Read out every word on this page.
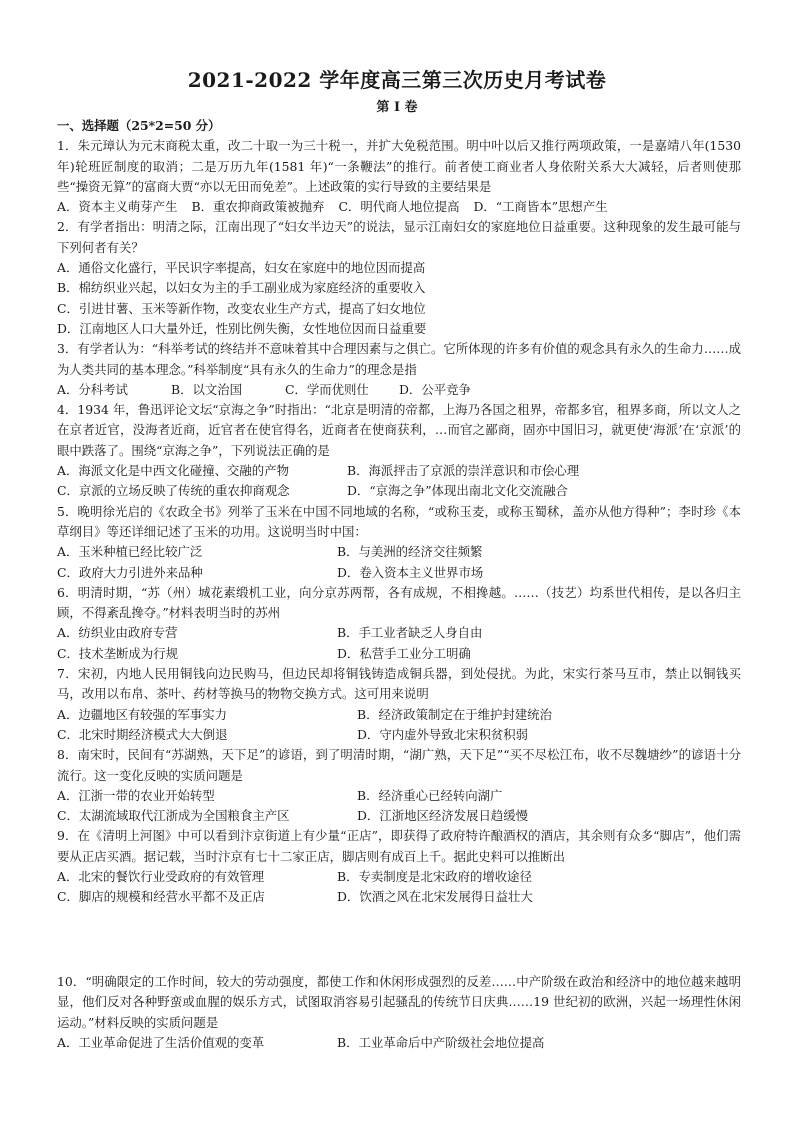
2021-2022 学年度高三第三次历史月考试卷
第 I 卷
一、选择题（25*2=50 分）
1．朱元璋认为元末商税太重，改二十取一为三十税一，并扩大免税范围。明中叶以后又推行两项政策，一是嘉靖八年(1530 年)轮班匠制度的取消；二是万历九年(1581 年)“一条鞭法”的推行。前者使工商业者人身依附关系大大减轻，后者则使那些“操资无算”的富商大贾“亦以无田而免差”。上述政策的实行导致的主要结果是
A．资本主义萌芽产生 B．重农抑商政策被抛弃 C．明代商人地位提高 D．“工商皆本”思想产生
2．有学者指出：明清之际，江南出现了“妇女半边天”的说法，显示江南妇女的家庭地位日益重要。这种现象的发生最可能与下列何者有关？
A．通俗文化盛行，平民识字率提高，妇女在家庭中的地位因而提高
B．棉纺织业兴起，以妇女为主的手工副业成为家庭经济的重要收入
C．引进甘薯、玉米等新作物，改变农业生产方式，提高了妇女地位
D．江南地区人口大量外迁，性别比例失衡，女性地位因而日益重要
3．有学者认为：“科举考试的终结并不意味着其中合理因素与之俱亡。它所体现的许多有价值的观念具有永久的生命力……成为人类共同的基本理念。”科举制度“具有永久的生命力”的理念是指
A．分科考试	B．以文治国	C．学而优则仕	D．公平竞争
4．1934 年，鲁迅评论文坛“京海之争”时指出：“北京是明清的帝都，上海乃各国之租界，帝都多官，租界多商，所以文人之在京者近官，没海者近商，近官者在使官得名，近商者在使商获利，…而官之鄙商，固亦中国旧习，就更使‘海派’在‘京派’的眼中跌落了。围绕“京海之争”，下列说法正确的是
A．海派文化是中西文化碰撞、交融的产物	B．海派抨击了京派的崇洋意识和市侩心理
C．京派的立场反映了传统的重农抑商观念	D．“京海之争”体现出南北文化交流融合
5．晚明徐光启的《农政全书》列举了玉米在中国不同地域的名称，“或称玉麦，或称玉蜀秫，盖亦从他方得种”；李时珍《本草纲目》等还详细记述了玉米的功用。这说明当时中国：
A．玉米种植已经比较广泛	B．与美洲的经济交往频繁
C．政府大力引进外来品种	D．卷入资本主义世界市场
6．明清时期，“苏（州）城花素缎机工业，向分京苏两帮，各有成规，不相搀越。……（技艺）均系世代相传，是以各归主顾，不得紊乱搀夺。”材料表明当时的苏州
A．纺织业由政府专营	B．手工业者缺乏人身自由
C．技术垄断成为行规	D．私营手工业分工明确
7．宋初，内地人民用铜钱向边民购马，但边民却将铜钱铸造成铜兵器，到处侵扰。为此，宋实行茶马互市，禁止以铜钱买马，改用以布帛、茶叶、药材等换马的物物交换方式。这可用来说明
A．边疆地区有较强的军事实力	B．经济政策制定在于维护封建统治
C．北宋时期经济模式大大倒退	D．守内虚外导致北宋积贫积弱
8．南宋时，民间有“苏湖熟，天下足”的谚语，到了明清时期，“湖广熟，天下足”“买不尽松江布，收不尽魏塘纱”的谚语十分流行。这一变化反映的实质问题是
A．江浙一带的农业开始转型	B．经济重心已经转向湖广
C．太湖流域取代江浙成为全国粮食主产区	D．江浙地区经济发展日趋缓慢
9．在《清明上河图》中可以看到汴京街道上有少量“正店”，即获得了政府特许酿酒权的酒店，其余则有众多“脚店”，他们需要从正店买酒。据记载，当时汴京有七十二家正店，脚店则有成百上千。据此史料可以推断出
A．北宋的餐饮行业受政府的有效管理	B．专卖制度是北宋政府的增收途径
C．脚店的规模和经营水平都不及正店	D．饮酒之风在北宋发展得日益壮大
10．“明确限定的工作时间，较大的劳动强度，都使工作和休闲形成强烈的反差……中产阶级在政治和经济中的地位越来越明显，他们反对各种野蛮或血腥的娱乐方式，试图取消容易引起骚乱的传统节日庆典……19 世纪初的欧洲，兴起一场理性休闲运动。”材料反映的实质问题是
A．工业革命促进了生活价值观的变革	B．工业革命后中产阶级社会地位提高
